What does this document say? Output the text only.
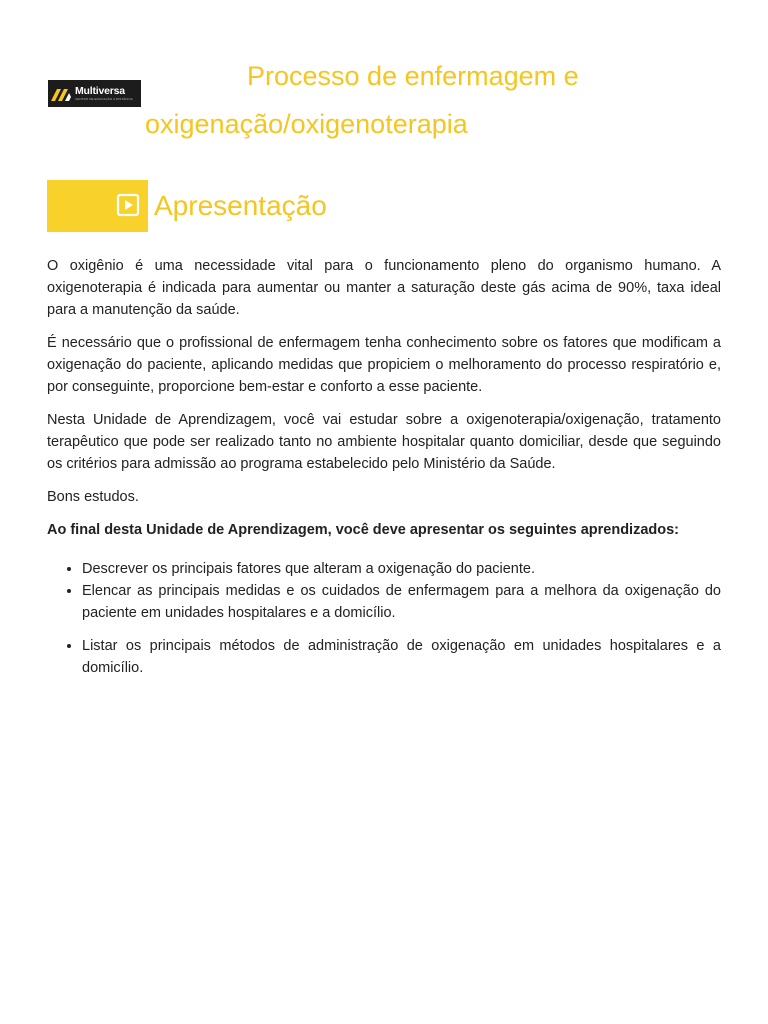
Multiversa
CENTRO DE EDUCAÇÃO A DISTÂNCIA
Processo de enfermagem e
oxigenação/oxigenoterapia
Apresentação

O oxigênio é uma necessidade vital para o funcionamento pleno do organismo humano. A oxigenoterapia é indicada para aumentar ou manter a saturação deste gás acima de 90%, taxa ideal para a manutenção da saúde.

É necessário que o profissional de enfermagem tenha conhecimento sobre os fatores que modificam a oxigenação do paciente, aplicando medidas que propiciem o melhoramento do processo respiratório e, por conseguinte, proporcione bem-estar e conforto a esse paciente.

Nesta Unidade de Aprendizagem, você vai estudar sobre a oxigenoterapia/oxigenação, tratamento terapêutico que pode ser realizado tanto no ambiente hospitalar quanto domiciliar, desde que seguindo os critérios para admissão ao programa estabelecido pelo Ministério da Saúde.

Bons estudos.

Ao final desta Unidade de Aprendizagem, você deve apresentar os seguintes aprendizados:

• Descrever os principais fatores que alteram a oxigenação do paciente.
• Elencar as principais medidas e os cuidados de enfermagem para a melhora da oxigenação do paciente em unidades hospitalares e a domicílio.
• Listar os principais métodos de administração de oxigenação em unidades hospitalares e a domicílio.
